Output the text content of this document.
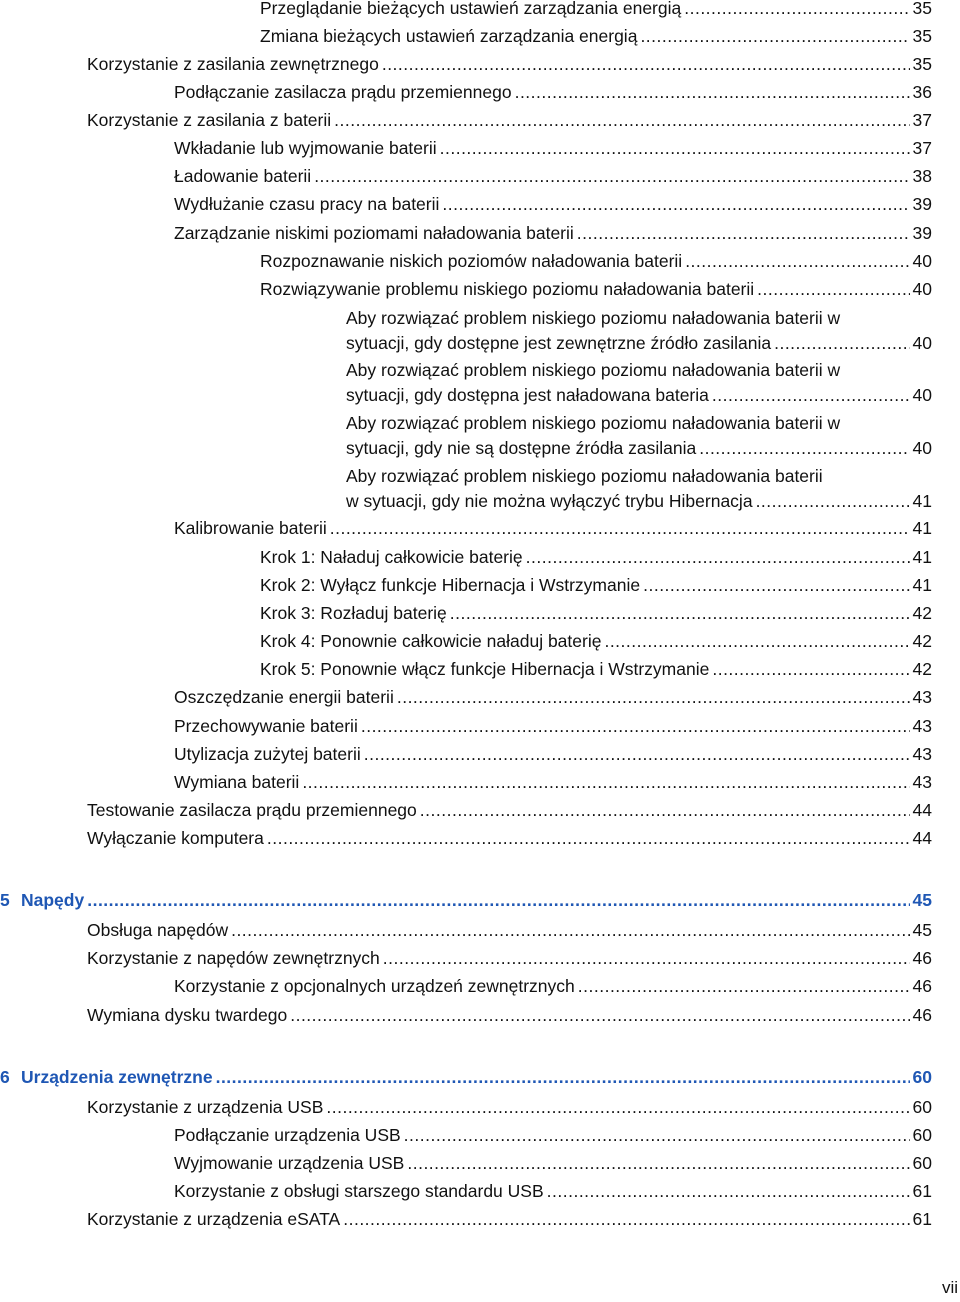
Przeglądanie bieżących ustawień zarządzania energią .....	35
Zmiana bieżących ustawień zarządzania energią .....	35
Korzystanie z zasilania zewnętrznego .....	35
Podłączanie zasilacza prądu przemiennego .....	36
Korzystanie z zasilania z baterii .....	37
Wkładanie lub wyjmowanie baterii .....	37
Ładowanie baterii .....	38
Wydłużanie czasu pracy na baterii .....	39
Zarządzanie niskimi poziomami naładowania baterii .....	39
Rozpoznawanie niskich poziomów naładowania baterii .....	40
Rozwiązywanie problemu niskiego poziomu naładowania baterii .....	40
Aby rozwiązać problem niskiego poziomu naładowania baterii w
sytuacji, gdy dostępne jest zewnętrzne źródło zasilania .....	40
Aby rozwiązać problem niskiego poziomu naładowania baterii w
sytuacji, gdy dostępna jest naładowana bateria .....	40
Aby rozwiązać problem niskiego poziomu naładowania baterii w
sytuacji, gdy nie są dostępne źródła zasilania .....	40
Aby rozwiązać problem niskiego poziomu naładowania baterii
w sytuacji, gdy nie można wyłączyć trybu Hibernacja .....	41
Kalibrowanie baterii .....	41
Krok 1: Naładuj całkowicie baterię .....	41
Krok 2: Wyłącz funkcje Hibernacja i Wstrzymanie .....	41
Krok 3: Rozładuj baterię .....	42
Krok 4: Ponownie całkowicie naładuj baterię .....	42
Krok 5: Ponownie włącz funkcje Hibernacja i Wstrzymanie .....	42
Oszczędzanie energii baterii .....	43
Przechowywanie baterii .....	43
Utylizacja zużytej baterii .....	43
Wymiana baterii .....	43
Testowanie zasilacza prądu przemiennego .....	44
Wyłączanie komputera .....	44
5 Napędy .....	45
Obsługa napędów .....	45
Korzystanie z napędów zewnętrznych .....	46
Korzystanie z opcjonalnych urządzeń zewnętrznych .....	46
Wymiana dysku twardego .....	46
6 Urządzenia zewnętrzne .....	60
Korzystanie z urządzenia USB .....	60
Podłączanie urządzenia USB .....	60
Wyjmowanie urządzenia USB .....	60
Korzystanie z obsługi starszego standardu USB .....	61
Korzystanie z urządzenia eSATA .....	61
vii
